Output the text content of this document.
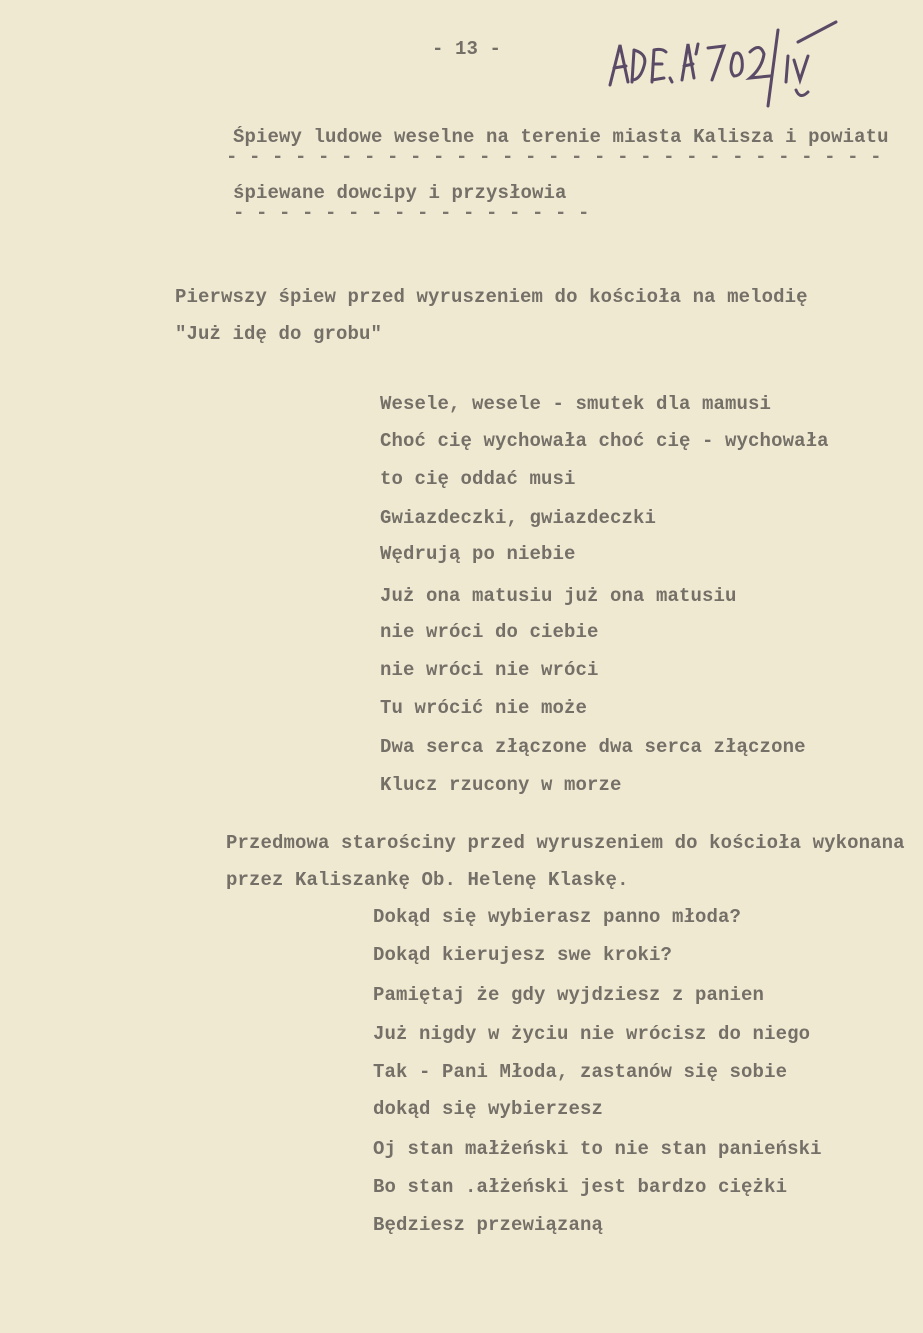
- 13 -
Śpiewy ludowe weselne na terenie miasta Kalisza i powiatu
- - - - - - - - - - - - - - - - - - - - - - - - - - - - -
śpiewane dowcipy i przysłowia
- - - - - - - - - - - - - - - -
Pierwszy śpiew przed wyruszeniem do kościoła na melodię
"Już idę do grobu"
Wesele, wesele - smutek dla mamusi
Choć cię wychowała choć cię - wychowała
to cię oddać musi
Gwiazdeczki, gwiazdeczki
Wędrują po niebie
Już ona matusiu już ona matusiu
nie wróci do ciebie
nie wróci nie wróci
Tu wrócić nie może
Dwa serca złączone dwa serca złączone
Klucz rzucony w morze
Przedmowa starościny przed wyruszeniem do kościoła wykonana
przez Kaliszankę Ob. Helenę Klaskę.
Dokąd się wybierasz panno młoda?
Dokąd kierujesz swe kroki?
Pamiętaj że gdy wyjdziesz z panien
Już nigdy w życiu nie wrócisz do niego
Tak - Pani Młoda, zastanów się sobie
dokąd się wybierzesz
Oj stan małżeński to nie stan panieński
Bo stan .ałżeński jest bardzo ciężki
Będziesz przewiązaną
